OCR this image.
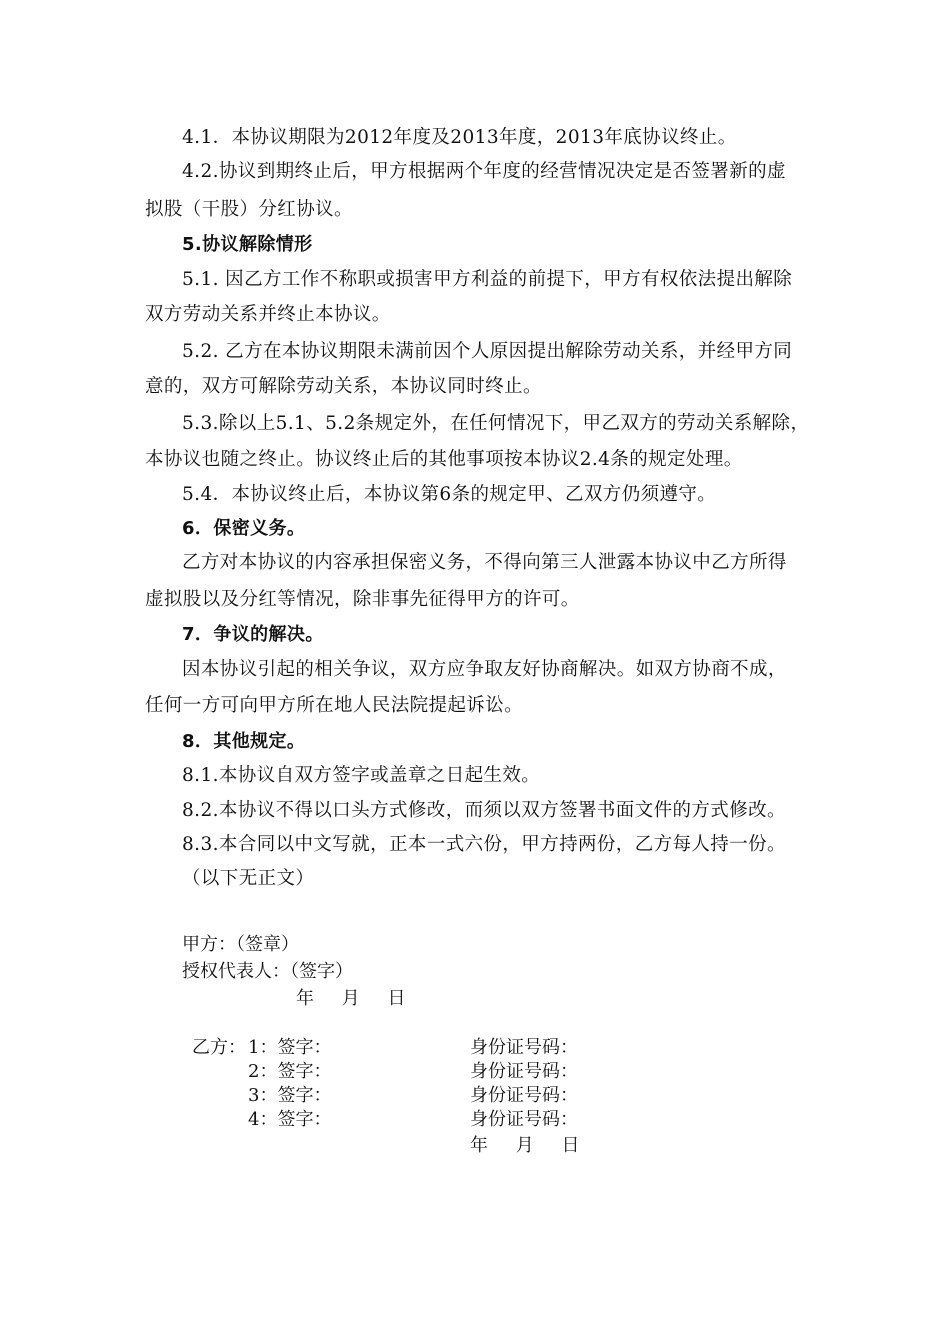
4.1．本协议期限为2012年度及2013年度，2013年底协议终止。
4.2.协议到期终止后，甲方根据两个年度的经营情况决定是否签署新的虚
拟股（干股）分红协议。
5.协议解除情形
5.1. 因乙方工作不称职或损害甲方利益的前提下，甲方有权依法提出解除
双方劳动关系并终止本协议。
5.2. 乙方在本协议期限未满前因个人原因提出解除劳动关系，并经甲方同
意的，双方可解除劳动关系，本协议同时终止。
5.3.除以上5.1、5.2条规定外，在任何情况下，甲乙双方的劳动关系解除，
本协议也随之终止。协议终止后的其他事项按本协议2.4条的规定处理。
5.4．本协议终止后，本协议第6条的规定甲、乙双方仍须遵守。
6．保密义务。
乙方对本协议的内容承担保密义务，不得向第三人泄露本协议中乙方所得
虚拟股以及分红等情况，除非事先征得甲方的许可。
7．争议的解决。
因本协议引起的相关争议，双方应争取友好协商解决。如双方协商不成，
任何一方可向甲方所在地人民法院提起诉讼。
8．其他规定。
8.1.本协议自双方签字或盖章之日起生效。
8.2.本协议不得以口头方式修改，而须以双方签署书面文件的方式修改。
8.3.本合同以中文写就，正本一式六份，甲方持两份，乙方每人持一份。
（以下无正文）
甲方：（签章）
授权代表人：（签字）
年 月 日
乙方： 1：签字：
2：签字：
3：签字：
4：签字：
身份证号码：
身份证号码：
身份证号码：
身份证号码：
年 月 日
